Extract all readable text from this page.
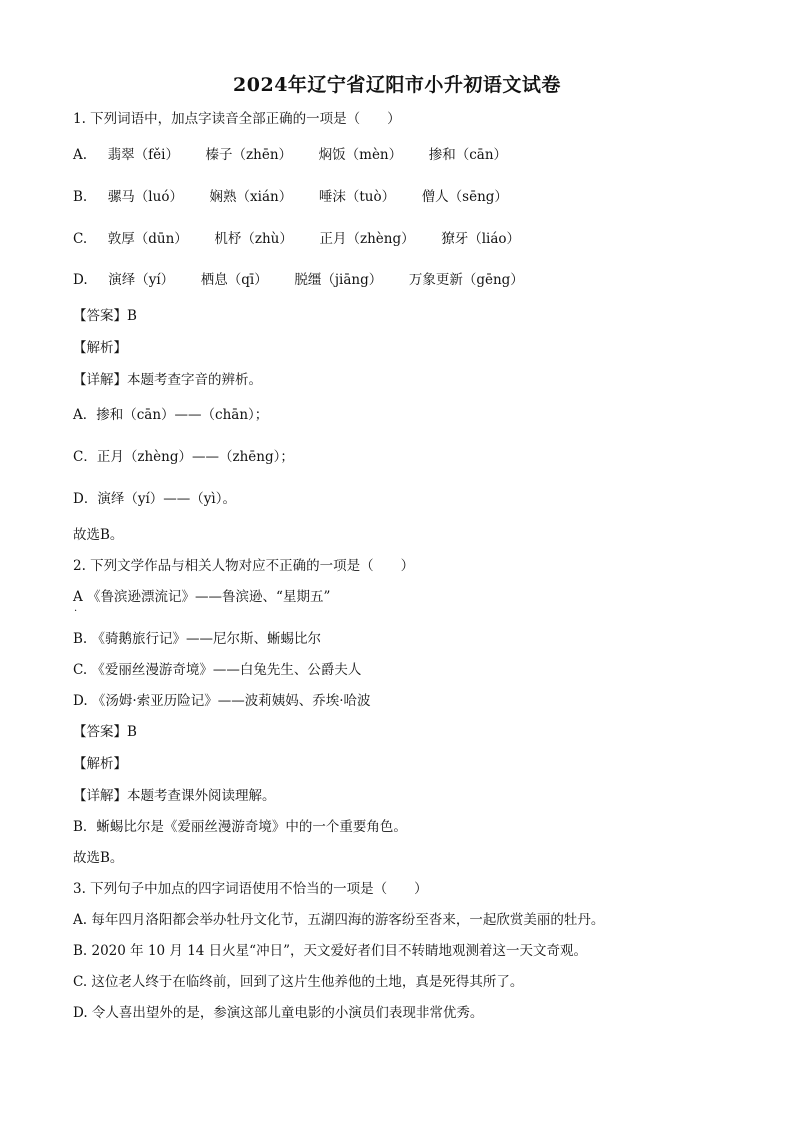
2024年辽宁省辽阳市小升初语文试卷
1. 下列词语中，加点字读音全部正确的一项是（　　）
A. 翡翠（fěi） 榛子（zhēn） 焖饭（mèn） 掺和（cān）
B. 骡马（luó） 娴熟（xián） 唾沫（tuò） 僧人（sēng）
C. 敦厚（dūn） 机杼（zhù） 正月（zhèng） 獠牙（liáo）
D. 演绎（yí） 栖息（qī） 脱缰（jiāng） 万象更新（gēng）
【答案】B
【解析】
【详解】本题考查字音的辨析。
A．掺和（cān）——（chān）；
C．正月（zhèng）——（zhēng）；
D．演绎（yí）——（yì）。
故选B。
2. 下列文学作品与相关人物对应不正确的一项是（　　）
A 《鲁滨逊漂流记》——鲁滨逊、“星期五”
.
B. 《骑鹅旅行记》——尼尔斯、蜥蜴比尔
C. 《爱丽丝漫游奇境》——白兔先生、公爵夫人
D. 《汤姆·索亚历险记》——波莉姨妈、乔埃·哈波
【答案】B
【解析】
【详解】本题考查课外阅读理解。
B．蜥蜴比尔是《爱丽丝漫游奇境》中的一个重要角色。
故选B。
3. 下列句子中加点的四字词语使用不恰当的一项是（　　）
A. 每年四月洛阳都会举办牡丹文化节，五湖四海的游客纷至沓来，一起欣赏美丽的牡丹。
B. 2020 年 10 月 14 日火星“冲日”，天文爱好者们目不转睛地观测着这一天文奇观。
C. 这位老人终于在临终前，回到了这片生他养他的土地，真是死得其所了。
D. 令人喜出望外的是，参演这部儿童电影的小演员们表现非常优秀。
